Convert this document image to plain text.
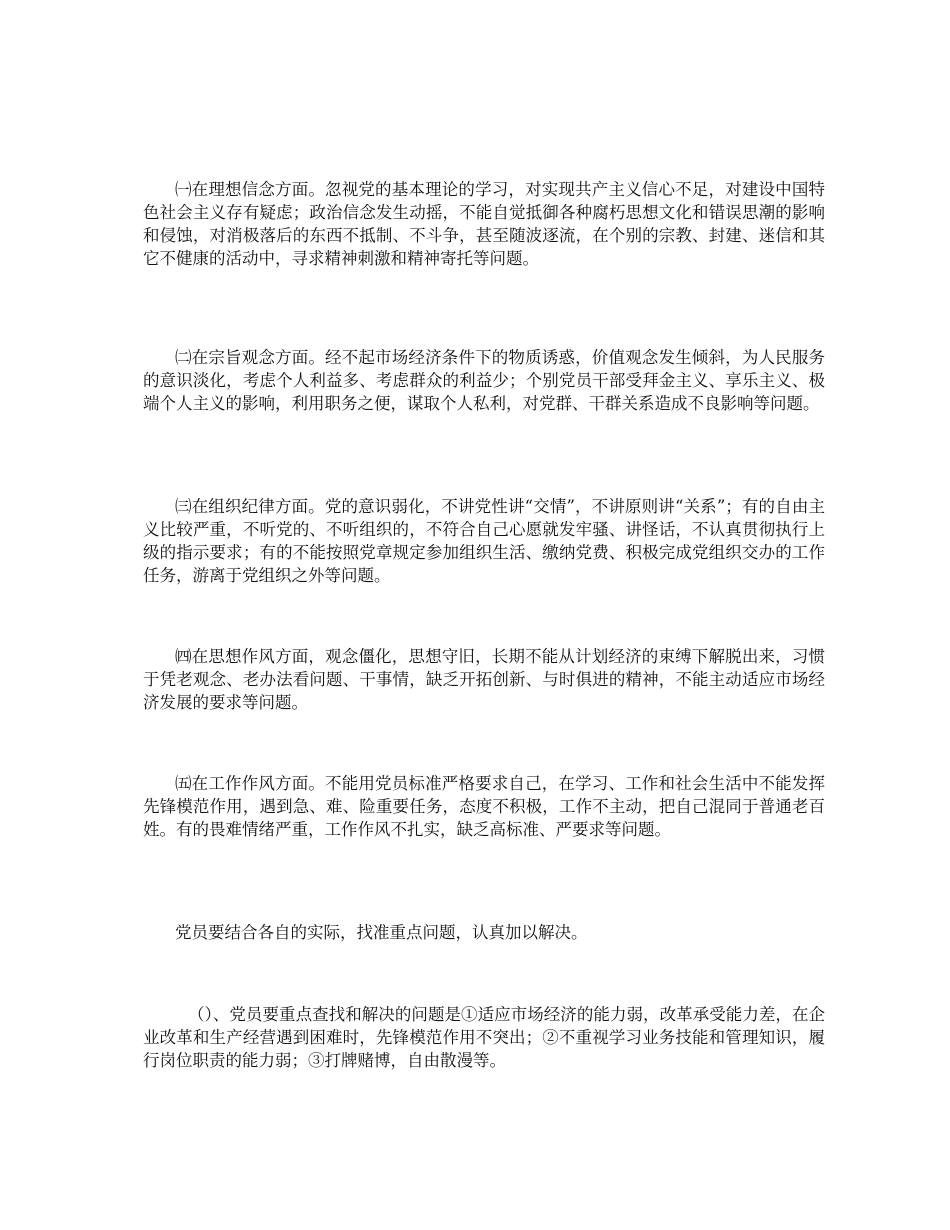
㈠在理想信念方面。忽视党的基本理论的学习，对实现共产主义信心不足，对建设中国特色社会主义存有疑虑；政治信念发生动摇，不能自觉抵御各种腐朽思想文化和错误思潮的影响和侵蚀，对消极落后的东西不抵制、不斗争，甚至随波逐流，在个别的宗教、封建、迷信和其它不健康的活动中，寻求精神刺激和精神寄托等问题。

㈡在宗旨观念方面。经不起市场经济条件下的物质诱惑，价值观念发生倾斜，为人民服务的意识淡化，考虑个人利益多、考虑群众的利益少；个别党员干部受拜金主义、享乐主义、极端个人主义的影响，利用职务之便，谋取个人私利，对党群、干群关系造成不良影响等问题。

㈢在组织纪律方面。党的意识弱化，不讲党性讲“交情”，不讲原则讲“关系”；有的自由主义比较严重，不听党的、不听组织的，不符合自己心愿就发牢骚、讲怪话，不认真贯彻执行上级的指示要求；有的不能按照党章规定参加组织生活、缴纳党费、积极完成党组织交办的工作任务，游离于党组织之外等问题。

㈣在思想作风方面，观念僵化，思想守旧，长期不能从计划经济的束缚下解脱出来，习惯于凭老观念、老办法看问题、干事情，缺乏开拓创新、与时俱进的精神，不能主动适应市场经济发展的要求等问题。

㈤在工作作风方面。不能用党员标准严格要求自己，在学习、工作和社会生活中不能发挥先锋模范作用，遇到急、难、险重要任务，态度不积极，工作不主动，把自己混同于普通老百姓。有的畏难情绪严重，工作作风不扎实，缺乏高标准、严要求等问题。

党员要结合各自的实际，找准重点问题，认真加以解决。

（）、党员要重点查找和解决的问题是①适应市场经济的能力弱，改革承受能力差，在企业改革和生产经营遇到困难时，先锋模范作用不突出；②不重视学习业务技能和管理知识，履行岗位职责的能力弱；③打牌赌博，自由散漫等。
